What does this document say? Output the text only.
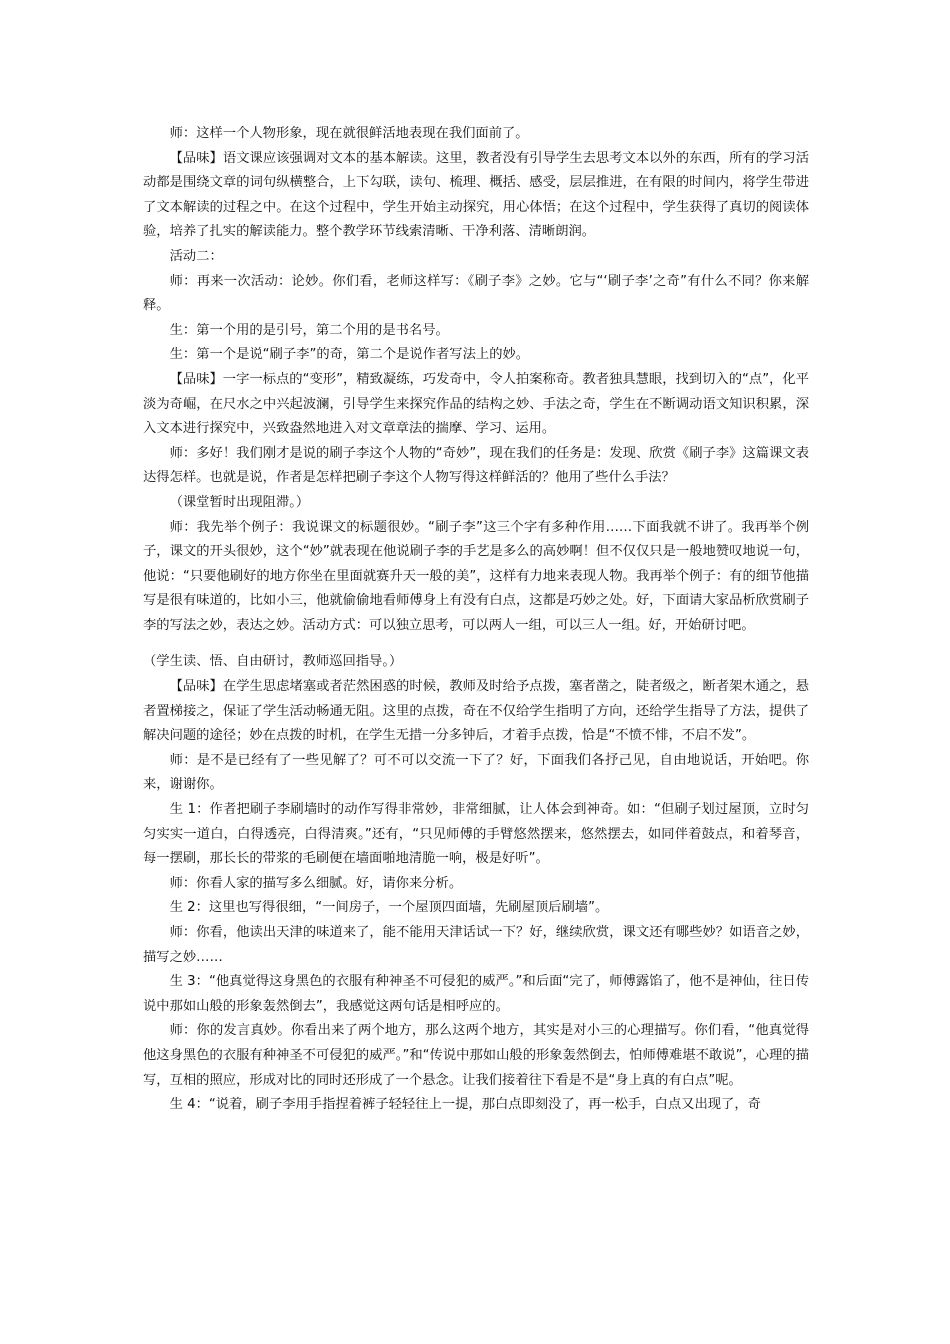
师：这样一个人物形象，现在就很鲜活地表现在我们面前了。

【品味】语文课应该强调对文本的基本解读。这里，教者没有引导学生去思考文本以外的东西，所有的学习活动都是围绕文章的词句纵横整合，上下勾联，读句、梳理、概括、感受，层层推进，在有限的时间内，将学生带进了文本解读的过程之中。在这个过程中，学生开始主动探究，用心体悟；在这个过程中，学生获得了真切的阅读体验，培养了扎实的解读能力。整个教学环节线索清晰、干净利落、清晰朗润。

活动二：

师：再来一次活动：论妙。你们看，老师这样写：《刷子李》之妙。它与“‘刷子李’之奇”有什么不同？你来解释。

生：第一个用的是引号，第二个用的是书名号。

生：第一个是说“刷子李”的奇，第二个是说作者写法上的妙。

【品味】一字一标点的“变形”，精致凝练，巧发奇中，令人拍案称奇。教者独具慧眼，找到切入的“点”，化平淡为奇崛，在尺水之中兴起波澜，引导学生来探究作品的结构之妙、手法之奇，学生在不断调动语文知识积累，深入文本进行探究中，兴致盎然地进入对文章章法的揣摩、学习、运用。

师：多好！我们刚才是说的刷子李这个人物的“奇妙”，现在我们的任务是：发现、欣赏《刷子李》这篇课文表达得怎样。也就是说，作者是怎样把刷子李这个人物写得这样鲜活的？他用了些什么手法？

（课堂暂时出现阻滞。）

师：我先举个例子：我说课文的标题很妙。“刷子李”这三个字有多种作用……下面我就不讲了。我再举个例子，课文的开头很妙，这个“妙”就表现在他说刷子李的手艺是多么的高妙啊！但不仅仅只是一般地赞叹地说一句，他说：“只要他刷好的地方你坐在里面就赛升天一般的美”，这样有力地来表现人物。我再举个例子：有的细节他描写是很有味道的，比如小三，他就偷偷地看师傅身上有没有白点，这都是巧妙之处。好，下面请大家品析欣赏刷子李的写法之妙，表达之妙。活动方式：可以独立思考，可以两人一组，可以三人一组。好，开始研讨吧。

（学生读、悟、自由研讨，教师巡回指导。）

【品味】在学生思虑堵塞或者茫然困惑的时候，教师及时给予点拨，塞者凿之，陡者级之，断者架木通之，悬者置梯接之，保证了学生活动畅通无阻。这里的点拨，奇在不仅给学生指明了方向，还给学生指导了方法，提供了解决问题的途径；妙在点拨的时机，在学生无措一分多钟后，才着手点拨，恰是“不愤不悱，不启不发”。

师：是不是已经有了一些见解了？可不可以交流一下了？好，下面我们各抒己见，自由地说话，开始吧。你来，谢谢你。

生 1：作者把刷子李刷墙时的动作写得非常妙，非常细腻，让人体会到神奇。如：“但刷子划过屋顶，立时匀匀实实一道白，白得透亮，白得清爽。”还有，“只见师傅的手臂悠然摆来，悠然摆去，如同伴着鼓点，和着琴音，每一摆刷，那长长的带浆的毛刷便在墙面啪地清脆一响，极是好听”。

师：你看人家的描写多么细腻。好，请你来分析。

生 2：这里也写得很细，“一间房子，一个屋顶四面墙，先刷屋顶后刷墙”。

师：你看，他读出天津的味道来了，能不能用天津话试一下？好，继续欣赏，课文还有哪些妙？如语音之妙，描写之妙……

生 3：“他真觉得这身黑色的衣服有种神圣不可侵犯的威严。”和后面“完了，师傅露馅了，他不是神仙，往日传说中那如山般的形象轰然倒去”，我感觉这两句话是相呼应的。

师：你的发言真妙。你看出来了两个地方，那么这两个地方，其实是对小三的心理描写。你们看，“他真觉得他这身黑色的衣服有种神圣不可侵犯的威严。”和“传说中那如山般的形象轰然倒去，怕师傅难堪不敢说”，心理的描写，互相的照应，形成对比的同时还形成了一个悬念。让我们接着往下看是不是“身上真的有白点”呢。

生 4：“说着，刷子李用手指捏着裤子轻轻往上一提，那白点即刻没了，再一松手，白点又出现了，奇
